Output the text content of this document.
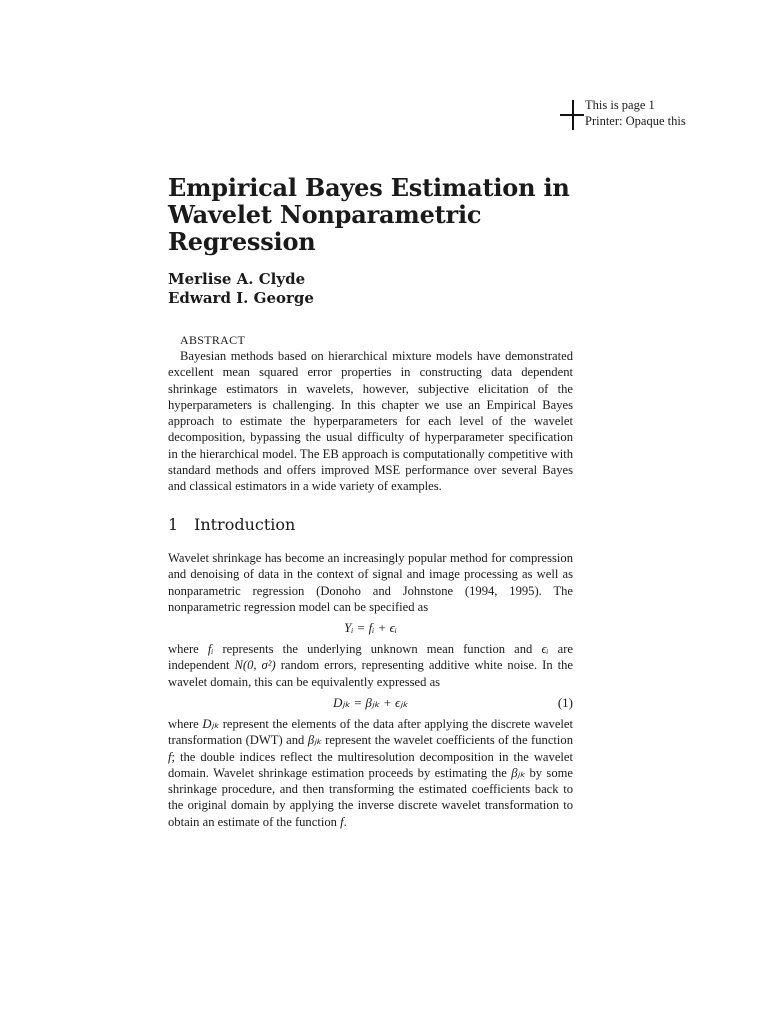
This is page 1
Printer: Opaque this
Empirical Bayes Estimation in Wavelet Nonparametric Regression
Merlise A. Clyde
Edward I. George
ABSTRACT

Bayesian methods based on hierarchical mixture models have demonstrated excellent mean squared error properties in constructing data dependent shrinkage estimators in wavelets, however, subjective elicitation of the hyperparameters is challenging. In this chapter we use an Empirical Bayes approach to estimate the hyperparameters for each level of the wavelet decomposition, bypassing the usual difficulty of hyperparameter specification in the hierarchical model. The EB approach is computationally competitive with standard methods and offers improved MSE performance over several Bayes and classical estimators in a wide variety of examples.

1 Introduction

Wavelet shrinkage has become an increasingly popular method for compression and denoising of data in the context of signal and image processing as well as nonparametric regression (Donoho and Johnstone (1994, 1995). The nonparametric regression model can be specified as

Yᵢ = fᵢ + ϵᵢ

where fᵢ represents the underlying unknown mean function and ϵᵢ are independent N(0, σ²) random errors, representing additive white noise. In the wavelet domain, this can be equivalently expressed as

Dⱼₖ = βⱼₖ + ϵⱼₖ	(1)

where Dⱼₖ represent the elements of the data after applying the discrete wavelet transformation (DWT) and βⱼₖ represent the wavelet coefficients of the function f; the double indices reflect the multiresolution decomposition in the wavelet domain. Wavelet shrinkage estimation proceeds by estimating the βⱼₖ by some shrinkage procedure, and then transforming the estimated coefficients back to the original domain by applying the inverse discrete wavelet transformation to obtain an estimate of the function f.
